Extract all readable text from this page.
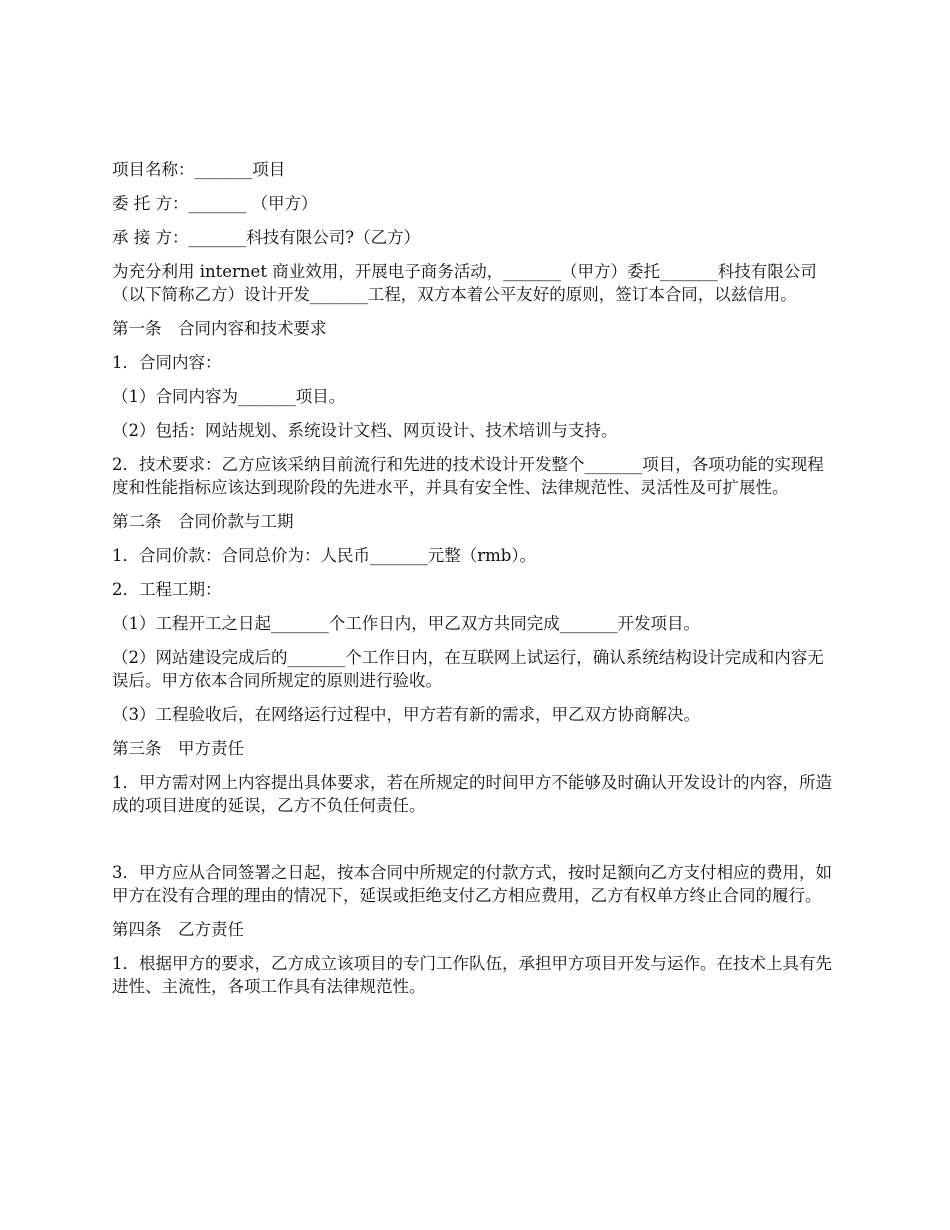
项目名称：_______项目

委 托 方：_______ （甲方）

承 接 方：_______科技有限公司?（乙方）

为充分利用 internet 商业效用，开展电子商务活动，_______（甲方）委托_______科技有限公司（以下简称乙方）设计开发_______工程，双方本着公平友好的原则，签订本合同，以兹信用。

第一条　合同内容和技术要求

1．合同内容：

（1）合同内容为_______项目。

（2）包括：网站规划、系统设计文档、网页设计、技术培训与支持。

2．技术要求：乙方应该采纳目前流行和先进的技术设计开发整个_______项目，各项功能的实现程度和性能指标应该达到现阶段的先进水平，并具有安全性、法律规范性、灵活性及可扩展性。

第二条　合同价款与工期

1．合同价款：合同总价为：人民币_______元整（rmb）。

2．工程工期：

（1）工程开工之日起_______个工作日内，甲乙双方共同完成_______开发项目。

（2）网站建设完成后的_______个工作日内，在互联网上试运行，确认系统结构设计完成和内容无误后。甲方依本合同所规定的原则进行验收。

（3）工程验收后，在网络运行过程中，甲方若有新的需求，甲乙双方协商解决。

第三条　甲方责任

1．甲方需对网上内容提出具体要求，若在所规定的时间甲方不能够及时确认开发设计的内容，所造成的项目进度的延误，乙方不负任何责任。

3．甲方应从合同签署之日起，按本合同中所规定的付款方式，按时足额向乙方支付相应的费用，如甲方在没有合理的理由的情况下，延误或拒绝支付乙方相应费用，乙方有权单方终止合同的履行。

第四条　乙方责任

1．根据甲方的要求，乙方成立该项目的专门工作队伍，承担甲方项目开发与运作。在技术上具有先进性、主流性，各项工作具有法律规范性。
